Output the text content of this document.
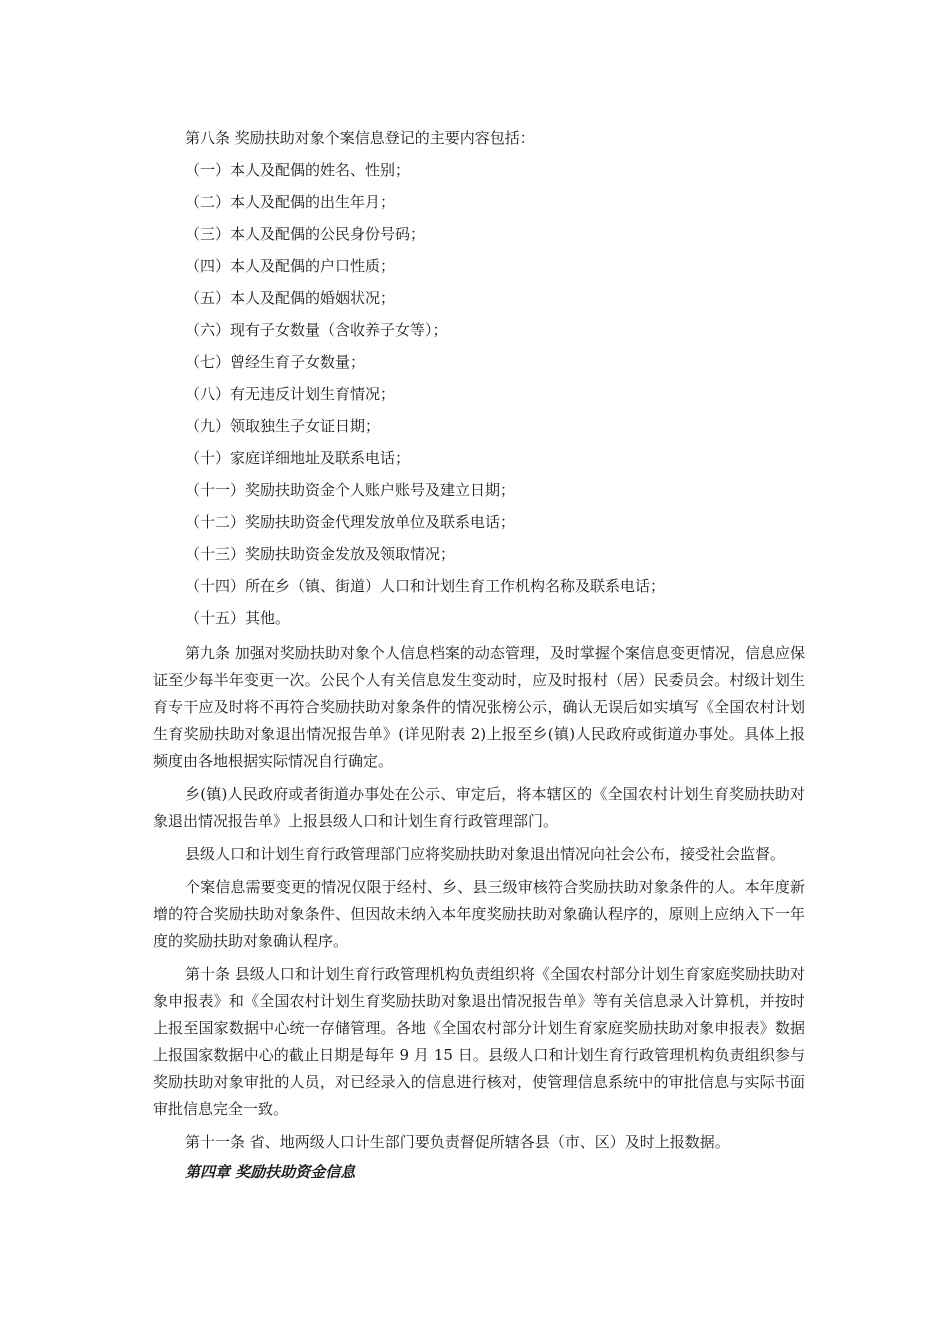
第八条 奖励扶助对象个案信息登记的主要内容包括：

（一）本人及配偶的姓名、性别；

（二）本人及配偶的出生年月；

（三）本人及配偶的公民身份号码；

（四）本人及配偶的户口性质；

（五）本人及配偶的婚姻状况；

（六）现有子女数量（含收养子女等）；

（七）曾经生育子女数量；

（八）有无违反计划生育情况；

（九）领取独生子女证日期；

（十）家庭详细地址及联系电话；

（十一）奖励扶助资金个人账户账号及建立日期；

（十二）奖励扶助资金代理发放单位及联系电话；

（十三）奖励扶助资金发放及领取情况；

（十四）所在乡（镇、街道）人口和计划生育工作机构名称及联系电话；

（十五）其他。

第九条 加强对奖励扶助对象个人信息档案的动态管理，及时掌握个案信息变更情况，信息应保证至少每半年变更一次。公民个人有关信息发生变动时，应及时报村（居）民委员会。村级计划生育专干应及时将不再符合奖励扶助对象条件的情况张榜公示，确认无误后如实填写《全国农村计划生育奖励扶助对象退出情况报告单》(详见附表 2)上报至乡(镇)人民政府或街道办事处。具体上报频度由各地根据实际情况自行确定。

乡(镇)人民政府或者街道办事处在公示、审定后，将本辖区的《全国农村计划生育奖励扶助对象退出情况报告单》上报县级人口和计划生育行政管理部门。

县级人口和计划生育行政管理部门应将奖励扶助对象退出情况向社会公布，接受社会监督。

个案信息需要变更的情况仅限于经村、乡、县三级审核符合奖励扶助对象条件的人。本年度新增的符合奖励扶助对象条件、但因故未纳入本年度奖励扶助对象确认程序的，原则上应纳入下一年度的奖励扶助对象确认程序。

第十条 县级人口和计划生育行政管理机构负责组织将《全国农村部分计划生育家庭奖励扶助对象申报表》和《全国农村计划生育奖励扶助对象退出情况报告单》等有关信息录入计算机，并按时上报至国家数据中心统一存储管理。各地《全国农村部分计划生育家庭奖励扶助对象申报表》数据上报国家数据中心的截止日期是每年 9 月 15 日。县级人口和计划生育行政管理机构负责组织参与奖励扶助对象审批的人员，对已经录入的信息进行核对，使管理信息系统中的审批信息与实际书面审批信息完全一致。

第十一条 省、地两级人口计生部门要负责督促所辖各县（市、区）及时上报数据。

第四章 奖励扶助资金信息
